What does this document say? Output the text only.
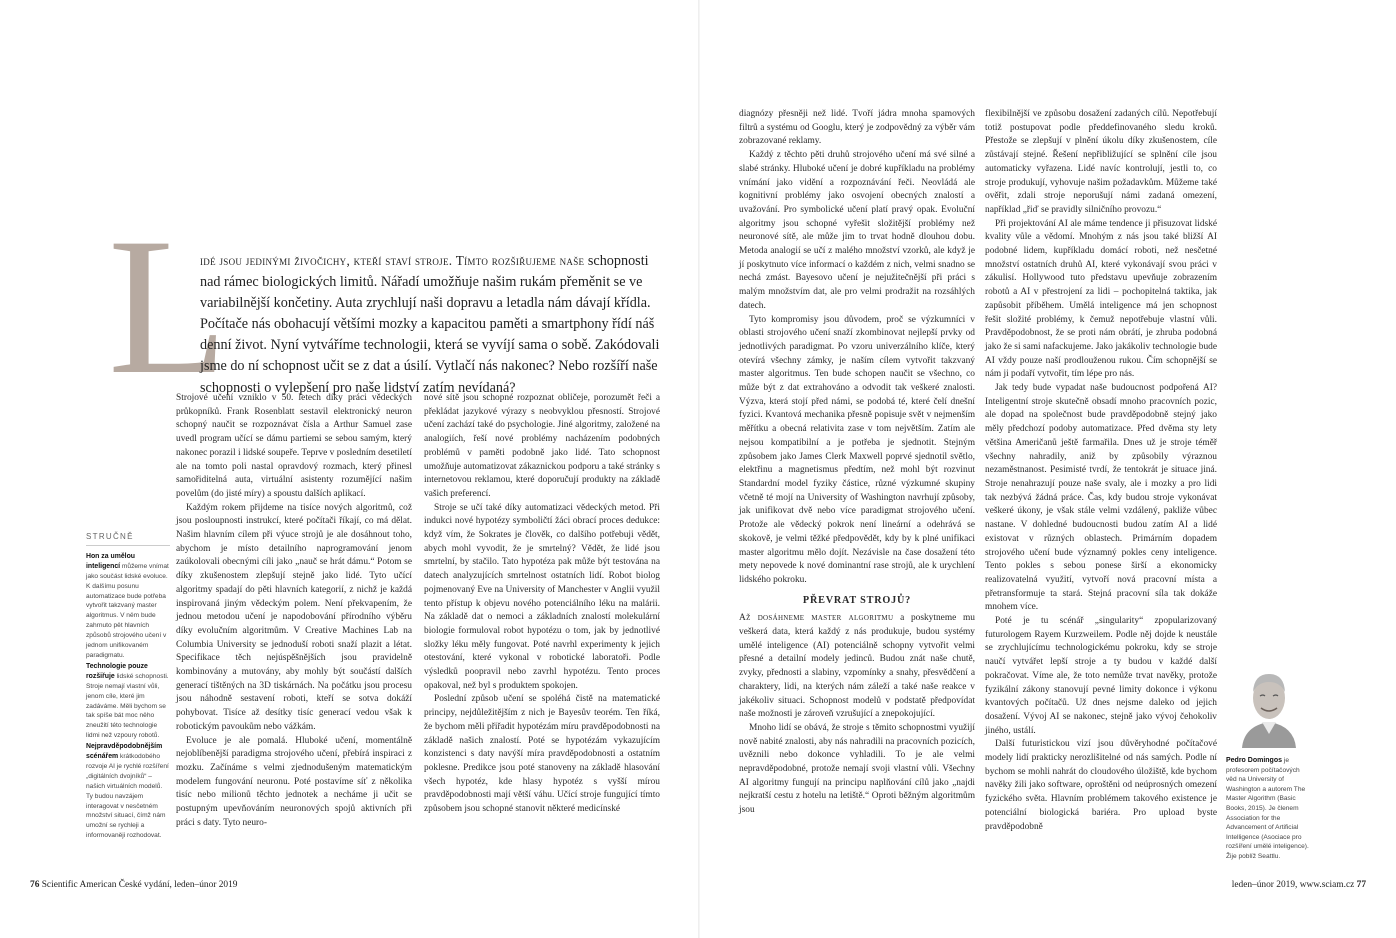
L

idé jsou jedinými živočichy, kteří staví stroje. Tímto rozšiřujeme naše schopnosti nad rámec biologických limitů. Nářadí umožňuje našim rukám přeměnit se ve variabilnější končetiny. Auta zrychlují naši dopravu a letadla nám dávají křídla. Počítače nás obohacují většími mozky a kapacitou paměti a smartphony řídí náš denní život. Nyní vytváříme technologii, která se vyvíjí sama o sobě. Zakódovali jsme do ní schopnost učit se z dat a úsilí. Vytlačí nás nakonec? Nebo rozšíří naše schopnosti o vylepšení pro naše lidství zatím nevídaná?

STRUČNĚ

Hon za umělou inteligencí můžeme vnímat jako součást lidské evoluce. K dalšímu posunu automatizace bude potřeba vytvořit takzvaný master algoritmus. V něm bude zahrnuto pět hlavních způsobů strojového učení v jednom unifikovaném paradigmatu.

Technologie pouze rozšiřuje lidské schopnosti. Stroje nemají vlastní vůli, jenom cíle, které jim zadáváme. Měli bychom se tak spíše bát moc něho zneužití této technologie lidmi než vzpoury robotů.

Nejpravděpodobnějším scénářem krátkodobého rozvoje AI je rychlé rozšíření „digitálních dvojníků“ – našich virtuálních modelů. Ty budou navzájem interagovat v nesčetném množství situací, čímž nám umožní se rychleji a informovaněji rozhodovat.

Strojové učení vzniklo v 50. letech díky práci vědeckých průkopníků. Frank Rosenblatt sestavil elektronický neuron schopný naučit se rozpoznávat čísla a Arthur Samuel zase uvedl program učící se dámu partiemi se sebou samým, který nakonec porazil i lidské soupeře. Teprve v posledním desetiletí ale na tomto poli nastal opravdový rozmach, který přinesl samořiditelná auta, virtuální asistenty rozumějící našim povelům (do jisté míry) a spoustu dalších aplikací.

Každým rokem přijdeme na tisíce nových algoritmů, což jsou posloupnosti instrukcí, které počítači říkají, co má dělat. Našim hlavním cílem při výuce strojů je ale dosáhnout toho, abychom je místo detailního naprogramování jenom zaúkolovali obecnými cíli jako „nauč se hrát dámu.“ Potom se díky zkušenostem zlepšují stejně jako lidé. Tyto učící algoritmy spadají do pěti hlavních kategorií, z nichž je každá inspirovaná jiným vědeckým polem. Není překvapením, že jednou metodou učení je napodobování přírodního výběru díky evolučním algoritmům. V Creative Machines Lab na Columbia University se jednoduší roboti snaží plazit a létat. Specifikace těch nejúspěšnějších jsou pravidelně kombinovány a mutovány, aby mohly být součástí dalších generací tištěných na 3D tiskárnách. Na počátku jsou procesu jsou náhodně sestavení roboti, kteří se sotva dokáží pohybovat. Tisíce až desítky tisíc generací vedou však k robotickým pavoukům nebo vážkám.

Evoluce je ale pomalá. Hluboké učení, momentálně nejoblíbenější paradigma strojového učení, přebírá inspiraci z mozku. Začínáme s velmi zjednodušeným matematickým modelem fungování neuronu. Poté postavíme síť z několika tisíc nebo milionů těchto jednotek a necháme ji učit se postupným upevňováním neuronových spojů aktivních při práci s daty. Tyto neuro-

nové sítě jsou schopné rozpoznat obličeje, porozumět řeči a překládat jazykové výrazy s neobvyklou přesností. Strojové učení zachází také do psychologie. Jiné algoritmy, založené na analogiích, řeší nové problémy nacházením podobných problémů v paměti podobně jako lidé. Tato schopnost umožňuje automatizovat zákaznickou podporu a také stránky s internetovou reklamou, které doporučují produkty na základě vašich preferencí.

Stroje se učí také díky automatizaci vědeckých metod. Při indukci nové hypotézy symboličtí žáci obrací proces dedukce: když vím, že Sokrates je člověk, co dalšího potřebuji vědět, abych mohl vyvodit, že je smrtelný? Vědět, že lidé jsou smrtelní, by stačilo. Tato hypotéza pak může být testována na datech analyzujících smrtelnost ostatních lidí. Robot biolog pojmenovaný Eve na University of Manchester v Anglii využil tento přístup k objevu nového potenciálního léku na malárii. Na základě dat o nemoci a základních znalostí molekulární biologie formuloval robot hypotézu o tom, jak by jednotlivé složky léku měly fungovat. Poté navrhl experimenty k jejich otestování, které vykonal v robotické laboratoři. Podle výsledků poopravil nebo zavrhl hypotézu. Tento proces opakoval, než byl s produktem spokojen.

Poslední způsob učení se spoléhá čistě na matematické principy, nejdůležitějším z nich je Bayesův teorém. Ten říká, že bychom měli přiřadit hypotézám míru pravděpodobnosti na základě našich znalostí. Poté se hypotézám vykazujícím konzistenci s daty navýší míra pravděpodobnosti a ostatním poklesne. Predikce jsou poté stanoveny na základě hlasování všech hypotéz, kde hlasy hypotéz s vyšší mírou pravděpodobnosti mají větší váhu. Učící stroje fungující tímto způsobem jsou schopné stanovit některé medicínské

diagnózy přesněji než lidé. Tvoří jádra mnoha spamových filtrů a systému od Googlu, který je zodpovědný za výběr vám zobrazované reklamy.

Každý z těchto pěti druhů strojového učení má své silné a slabé stránky. Hluboké učení je dobré kupříkladu na problémy vnímání jako vidění a rozpoznávání řeči. Neovládá ale kognitivní problémy jako osvojení obecných znalostí a uvažování. Pro symbolické učení platí pravý opak. Evoluční algoritmy jsou schopné vyřešit složitější problémy než neuronové sítě, ale může jim to trvat hodně dlouhou dobu. Metoda analogií se učí z malého množství vzorků, ale když je jí poskytnuto více informací o každém z nich, velmi snadno se nechá zmást. Bayesovo učení je nejužitečnější při práci s malým množstvím dat, ale pro velmi prodražit na rozsáhlých datech.

Tyto kompromisy jsou důvodem, proč se výzkumníci v oblasti strojového učení snaží zkombinovat nejlepší prvky od jednotlivých paradigmat. Po vzoru univerzálního klíče, který otevírá všechny zámky, je naším cílem vytvořit takzvaný master algoritmus. Ten bude schopen naučit se všechno, co může být z dat extrahováno a odvodit tak veškeré znalosti. Výzva, která stojí před námi, se podobá té, které čelí dnešní fyzici. Kvantová mechanika přesně popisuje svět v nejmenším měřítku a obecná relativita zase v tom největším. Zatím ale nejsou kompatibilní a je potřeba je sjednotit. Stejným způsobem jako James Clerk Maxwell poprvé sjednotil světlo, elektřinu a magnetismus předtím, než mohl být rozvinut Standardní model fyziky částice, různé výzkumné skupiny včetně té mojí na University of Washington navrhují způsoby, jak unifikovat dvě nebo více paradigmat strojového učení. Protože ale vědecký pokrok není lineární a odehrává se skokově, je velmi těžké předpovědět, kdy by k plné unifikaci master algoritmu mělo dojít. Nezávisle na čase dosažení této mety nepovede k nové dominantní rase strojů, ale k urychlení lidského pokroku.

PŘEVRAT STROJŮ?

Až dosáhneme master algoritmu a poskytneme mu veškerá data, která každý z nás produkuje, budou systémy umělé inteligence (AI) potenciálně schopny vytvořit velmi přesné a detailní modely jedinců. Budou znát naše chutě, zvyky, přednosti a slabiny, vzpomínky a snahy, přesvědčení a charaktery, lidi, na kterých nám záleží a také naše reakce v jakékoliv situaci. Schopnost modelů v podstatě předpovídat naše možnosti je zároveň vzrušující a znepokojující.

Mnoho lidí se obává, že stroje s těmito schopnostmi využijí nově nabité znalosti, aby nás nahradili na pracovních pozicích, uvěznili nebo dokonce vyhladili. To je ale velmi nepravděpodobné, protože nemají svoji vlastní vůli. Všechny AI algoritmy fungují na principu naplňování cílů jako „najdi nejkratší cestu z hotelu na letiště.“ Oproti běžným algoritmům jsou

flexibilnější ve způsobu dosažení zadaných cílů. Nepotřebují totiž postupovat podle předdefinovaného sledu kroků. Přestože se zlepšují v plnění úkolu díky zkušenostem, cíle zůstávají stejné. Řešení nepřibližující se splnění cíle jsou automaticky vyřazena. Lidé navíc kontrolují, jestli to, co stroje produkují, vyhovuje našim požadavkům. Můžeme také ověřit, zdali stroje neporušují námi zadaná omezení, například „řiď se pravidly silničního provozu.“

Při projektování AI ale máme tendence ji přisuzovat lidské kvality vůle a vědomí. Mnohým z nás jsou také bližší AI podobné lidem, kupříkladu domácí roboti, než nesčetné množství ostatních druhů AI, které vykonávají svou práci v zákulisí. Hollywood tuto představu upevňuje zobrazením robotů a AI v přestrojení za lidi – pochopitelná taktika, jak zapůsobit příběhem. Umělá inteligence má jen schopnost řešit složité problémy, k čemuž nepotřebuje vlastní vůli. Pravděpodobnost, že se proti nám obrátí, je zhruba podobná jako že si sami nafackujeme. Jako jakákoliv technologie bude AI vždy pouze naší prodlouženou rukou. Čím schopnější se nám ji podaří vytvořit, tím lépe pro nás.

Jak tedy bude vypadat naše budoucnost podpořená AI? Inteligentní stroje skutečně obsadí mnoho pracovních pozic, ale dopad na společnost bude pravděpodobně stejný jako měly předchozí podoby automatizace. Před dvěma sty lety většina Američanů ještě farmařila. Dnes už je stroje téměř všechny nahradily, aniž by způsobily výraznou nezaměstnanost. Pesimisté tvrdí, že tentokrát je situace jiná. Stroje nenahrazují pouze naše svaly, ale i mozky a pro lidi tak nezbývá žádná práce. Čas, kdy budou stroje vykonávat veškeré úkony, je však stále velmi vzdálený, pakliže vůbec nastane. V dohledné budoucnosti budou zatím AI a lidé existovat v různých oblastech. Primárním dopadem strojového učení bude významný pokles ceny inteligence. Tento pokles s sebou ponese širší a ekonomicky realizovatelná využití, vytvoří nová pracovní místa a přetransformuje ta stará. Stejná pracovní síla tak dokáže mnohem více.

Poté je tu scénář „singularity“ zpopularizovaný futurologem Rayem Kurzweilem. Podle něj dojde k neustále se zrychlujícímu technologickému pokroku, kdy se stroje naučí vytvářet lepší stroje a ty budou v každé další pokračovat. Víme ale, že toto nemůže trvat navěky, protože fyzikální zákony stanovují pevné limity dokonce i výkonu kvantových počítačů. Už dnes nejsme daleko od jejich dosažení. Vývoj AI se nakonec, stejně jako vývoj čehokoliv jiného, ustálí.

Další futuristickou vizí jsou důvěryhodné počítačové modely lidí prakticky nerozlišitelné od nás samých. Podle ní bychom se mohli nahrát do cloudového úložiště, kde bychom navěky žili jako software, oproštěni od neúprosných omezení fyzického světa. Hlavním problémem takového existence je potenciální biologická bariéra. Pro upload byste pravděpodobně

Pedro Domingos je profesorem počítačových věd na University of Washington a autorem The Master Algorithm (Basic Books, 2015). Je členem Association for the Advancement of Artificial Intelligence (Asociace pro rozšíření umělé inteligence). Žije poblíž Seattlu.
76 Scientific American České vydání, leden–únor 2019	leden–únor 2019, www.sciam.cz 77
